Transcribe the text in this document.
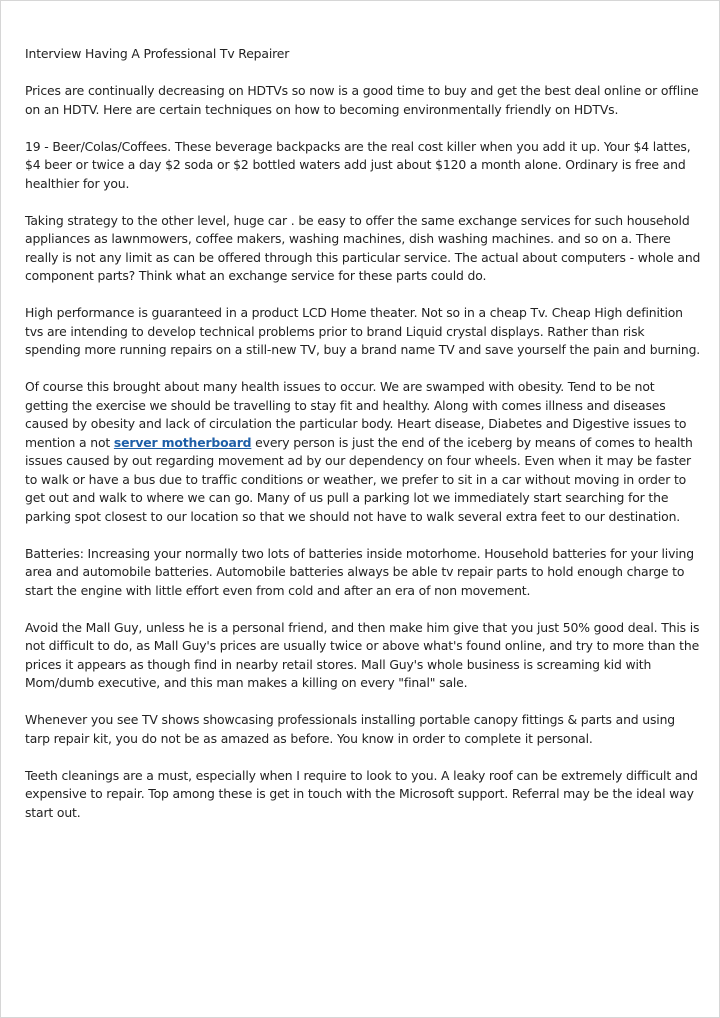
Interview Having A Professional Tv Repairer

Prices are continually decreasing on HDTVs so now is a good time to buy and get the best deal online or offline on an HDTV. Here are certain techniques on how to becoming environmentally friendly on HDTVs.

19 - Beer/Colas/Coffees. These beverage backpacks are the real cost killer when you add it up. Your $4 lattes, $4 beer or twice a day $2 soda or $2 bottled waters add just about $120 a month alone. Ordinary is free and healthier for you.

Taking strategy to the other level, huge car . be easy to offer the same exchange services for such household appliances as lawnmowers, coffee makers, washing machines, dish washing machines. and so on a. There really is not any limit as can be offered through this particular service. The actual about computers - whole and component parts? Think what an exchange service for these parts could do.

High performance is guaranteed in a product LCD Home theater. Not so in a cheap Tv. Cheap High definition tvs are intending to develop technical problems prior to brand Liquid crystal displays. Rather than risk spending more running repairs on a still-new TV, buy a brand name TV and save yourself the pain and burning.

Of course this brought about many health issues to occur. We are swamped with obesity. Tend to be not getting the exercise we should be travelling to stay fit and healthy. Along with comes illness and diseases caused by obesity and lack of circulation the particular body. Heart disease, Diabetes and Digestive issues to mention a not server motherboard every person is just the end of the iceberg by means of comes to health issues caused by out regarding movement ad by our dependency on four wheels. Even when it may be faster to walk or have a bus due to traffic conditions or weather, we prefer to sit in a car without moving in order to get out and walk to where we can go. Many of us pull a parking lot we immediately start searching for the parking spot closest to our location so that we should not have to walk several extra feet to our destination.

Batteries: Increasing your normally two lots of batteries inside motorhome. Household batteries for your living area and automobile batteries. Automobile batteries always be able tv repair parts to hold enough charge to start the engine with little effort even from cold and after an era of non movement.

Avoid the Mall Guy, unless he is a personal friend, and then make him give that you just 50% good deal. This is not difficult to do, as Mall Guy's prices are usually twice or above what's found online, and try to more than the prices it appears as though find in nearby retail stores. Mall Guy's whole business is screaming kid with Mom/dumb executive, and this man makes a killing on every "final" sale.

Whenever you see TV shows showcasing professionals installing portable canopy fittings & parts and using tarp repair kit, you do not be as amazed as before. You know in order to complete it personal.

Teeth cleanings are a must, especially when I require to look to you. A leaky roof can be extremely difficult and expensive to repair. Top among these is get in touch with the Microsoft support. Referral may be the ideal way start out.
